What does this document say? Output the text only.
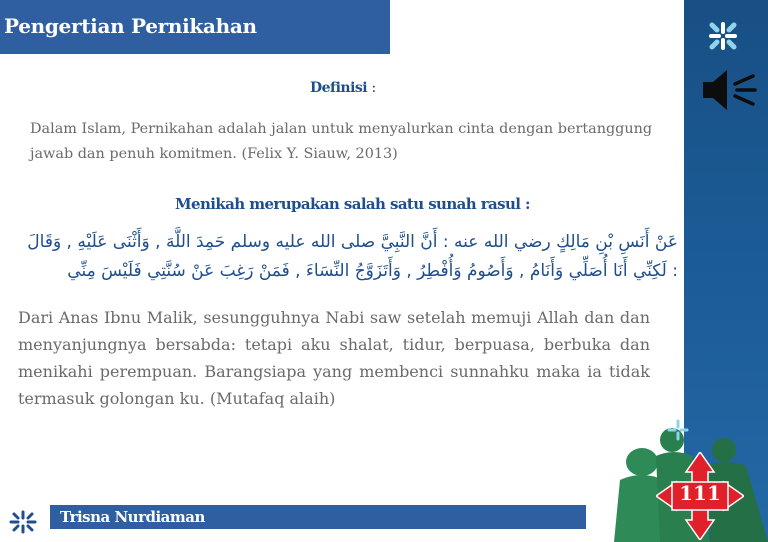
Pengertian Pernikahan
Definisi :
Dalam Islam, Pernikahan adalah jalan untuk menyalurkan cinta dengan bertanggung jawab dan penuh komitmen. (Felix Y. Siauw, 2013)
Menikah merupakan salah satu sunah rasul :
عَنْ أَنَسِ بْنِ مَالِكٍ رضي الله عنه : أَنَّ النَّبِيَّ صلى الله عليه وسلم حَمِدَ اللَّهَ , وَأَثْنَى عَلَيْهِ , وَقَالَ : لَكِنِّي أَنَا أُصَلِّي وَأَنَامُ , وَأَصُومُ وَأُفْطِرُ , وَأَتَزَوَّجُ النِّسَاءَ , فَمَنْ رَغِبَ عَنْ سُنَّتِي فَلَيْسَ مِنِّي
Dari Anas Ibnu Malik, sesungguhnya Nabi saw setelah memuji Allah dan dan menyanjungnya bersabda: tetapi aku shalat, tidur, berpuasa, berbuka dan menikahi perempuan. Barangsiapa yang membenci sunnahku maka ia tidak termasuk golongan ku. (Mutafaq alaih)
111
Trisna Nurdiaman
